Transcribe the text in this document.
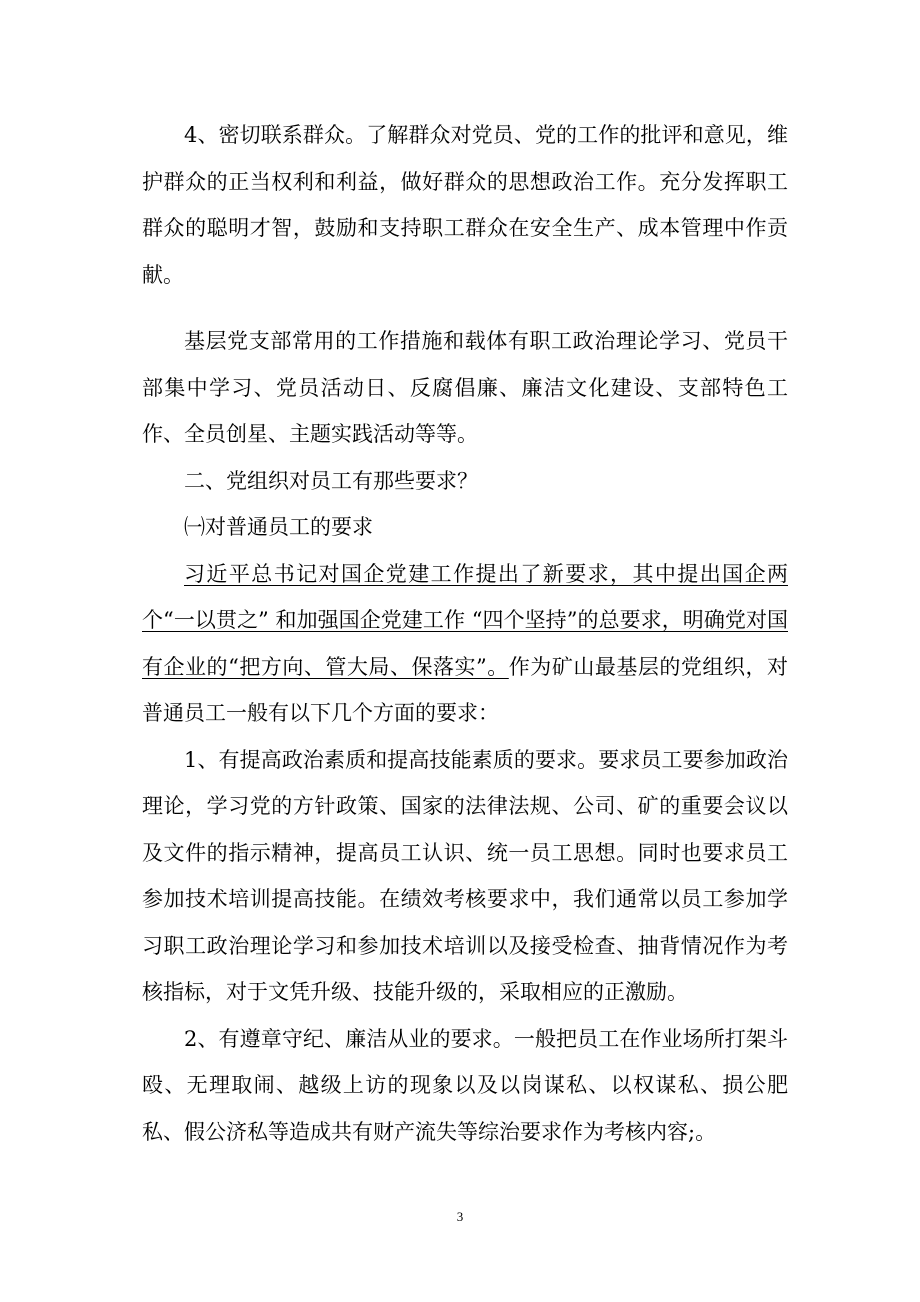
4、密切联系群众。了解群众对党员、党的工作的批评和意见，维护群众的正当权利和利益，做好群众的思想政治工作。充分发挥职工群众的聪明才智，鼓励和支持职工群众在安全生产、成本管理中作贡献。

基层党支部常用的工作措施和载体有职工政治理论学习、党员干部集中学习、党员活动日、反腐倡廉、廉洁文化建设、支部特色工作、全员创星、主题实践活动等等。

二、党组织对员工有那些要求？

㈠对普通员工的要求

习近平总书记对国企党建工作提出了新要求，其中提出国企两个“一以贯之” 和加强国企党建工作 “四个坚持”的总要求，明确党对国有企业的“把方向、管大局、保落实”。作为矿山最基层的党组织，对普通员工一般有以下几个方面的要求：

1、有提高政治素质和提高技能素质的要求。要求员工要参加政治理论，学习党的方针政策、国家的法律法规、公司、矿的重要会议以及文件的指示精神，提高员工认识、统一员工思想。同时也要求员工参加技术培训提高技能。在绩效考核要求中，我们通常以员工参加学习职工政治理论学习和参加技术培训以及接受检查、抽背情况作为考核指标，对于文凭升级、技能升级的，采取相应的正激励。

2、有遵章守纪、廉洁从业的要求。一般把员工在作业场所打架斗殴、无理取闹、越级上访的现象以及以岗谋私、以权谋私、损公肥私、假公济私等造成共有财产流失等综治要求作为考核内容;。

3
